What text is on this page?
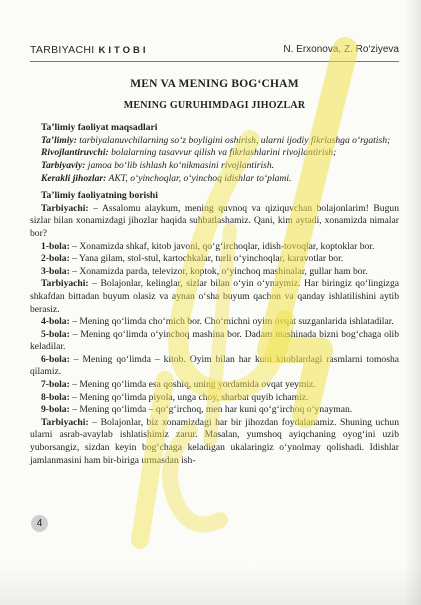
TARBIYACHI KITOBI	N. Erxonova, Z. Ro‘ziyeva
MEN VA MENING BOG‘CHAM
MENING GURUHIMDAGI JIHOZLAR
Ta’limiy faoliyat maqsadlari

Ta’limiy: tarbiyalanuvchilarning so‘z boyligini oshirish, ularni ijodiy fikrlashga o‘rgatish;

Rivojlantiruvchi: bolalarning tasavvur qilish va fikrlashlarini rivojlantirish;

Tarbiyaviy: jamoa bo‘lib ishlash ko‘nikmasini rivojlantirish.

Kerakli jihozlar: AKT, o‘yinchoqlar, o‘yinchoq idishlar to‘plami.

Ta’limiy faoliyatning borishi

Tarbiyachi: – Assalomu alaykum, mening quvnoq va qiziquvchan bolajonlarim! Bugun sizlar bilan xonamizdagi jihozlar haqida suhbatlashamiz. Qani, kim aytadi, xonamizda nimalar bor?

1-bola: – Xonamizda shkaf, kitob javoni, qo‘g‘irchoqlar, idish-tovoqlar, koptoklar bor.

2-bola: – Yana gilam, stol-stul, kartochkalar, turli o‘yinchoqlar, karavotlar bor.

3-bola: – Xonamizda parda, televizor, koptok, o‘yinchoq mashinalar, gullar ham bor.

Tarbiyachi: – Bolajonlar, kelinglar, sizlar bilan o‘yin o‘ynaymiz. Har biringiz qo‘lingizga shkafdan bittadan buyum olasiz va aynan o‘sha buyum qachon va qanday ishlatilishini aytib berasiz.

4-bola: – Mening qo‘limda cho‘mich bor. Cho‘michni oyim ovqat suzganlarida ishlatadilar.

5-bola: – Mening qo‘limda o‘yinchoq mashina bor. Dadam mashinada bizni bog‘chaga olib keladilar.

6-bola: – Mening qo‘limda – kitob. Oyim bilan har kuni kitoblardagi rasmlarni tomosha qilamiz.

7-bola: – Mening qo‘limda esa qoshiq, uning yordamida ovqat yeymiz.

8-bola: – Mening qo‘limda piyola, unga choy, sharbat quyib ichamiz.

9-bola: – Mening qo‘limda – qo‘g‘irchoq, men har kuni qo‘g‘irchoq o‘ynayman.

Tarbiyachi: – Bolajonlar, biz xonamizdagi har bir jihozdan foydalanamiz. Shuning uchun ularni asrab-avaylab ishlatishimiz zarur. Masalan, yumshoq ayiqchaning oyog‘ini uzib yuborsangiz, sizdan keyin bog‘chaga keladigan ukalaringiz o‘ynolmay qolishadi. Idishlar jamlanmasini ham bir-biriga urmasdan ish-

4
